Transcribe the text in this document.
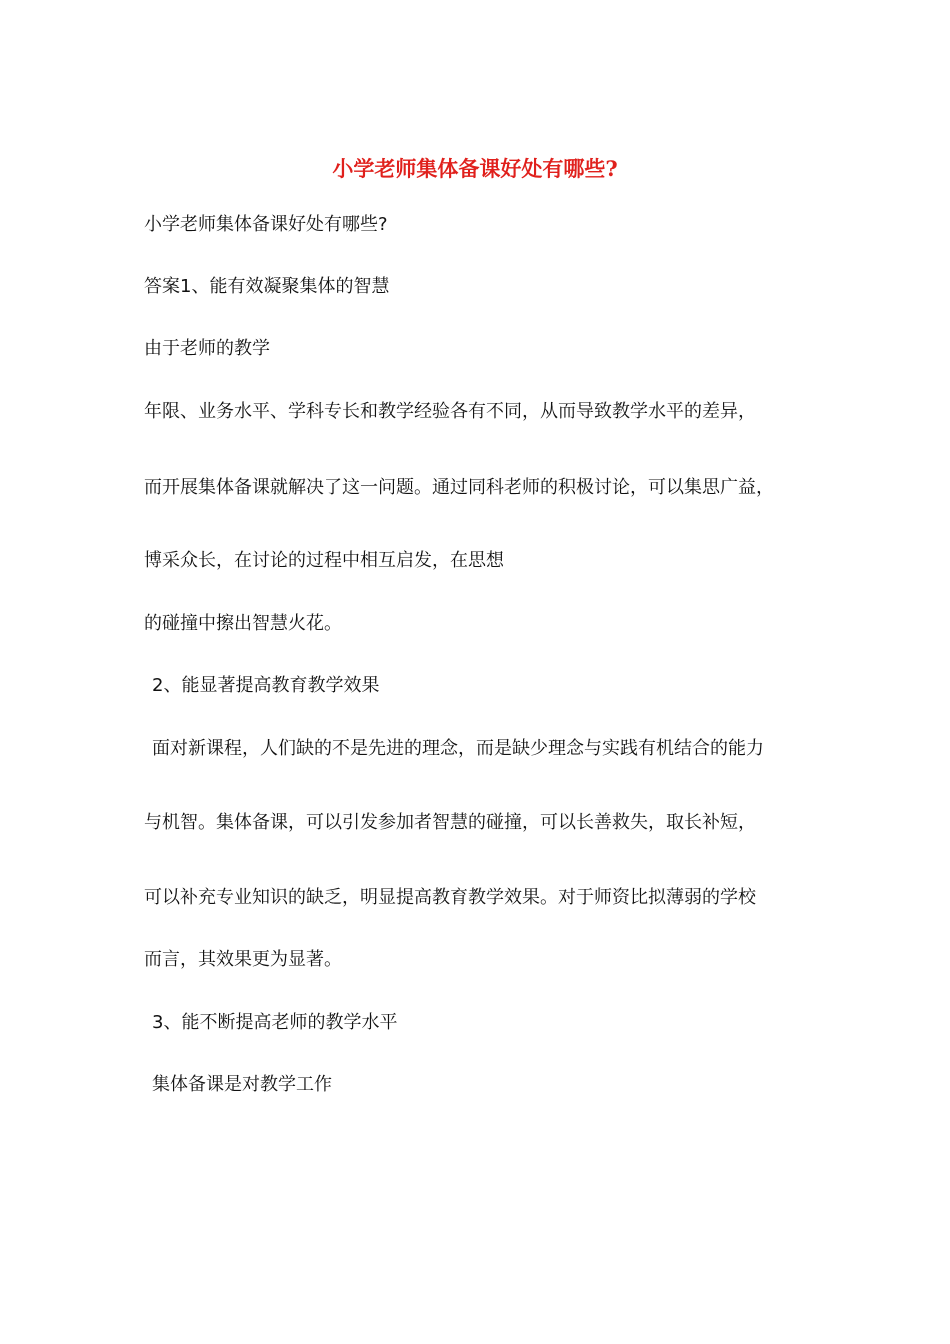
小学老师集体备课好处有哪些?
小学老师集体备课好处有哪些?
答案1、能有效凝聚集体的智慧
由于老师的教学
年限、业务水平、学科专长和教学经验各有不同，从而导致教学水平的差异，
而开展集体备课就解决了这一问题。通过同科老师的积极讨论，可以集思广益，
博采众长，在讨论的过程中相互启发，在思想
的碰撞中擦出智慧火花。
2、能显著提高教育教学效果
面对新课程，人们缺的不是先进的理念，而是缺少理念与实践有机结合的能力
与机智。集体备课，可以引发参加者智慧的碰撞，可以长善救失，取长补短，
可以补充专业知识的缺乏，明显提高教育教学效果。对于师资比拟薄弱的学校
而言，其效果更为显著。
3、能不断提高老师的教学水平
集体备课是对教学工作
